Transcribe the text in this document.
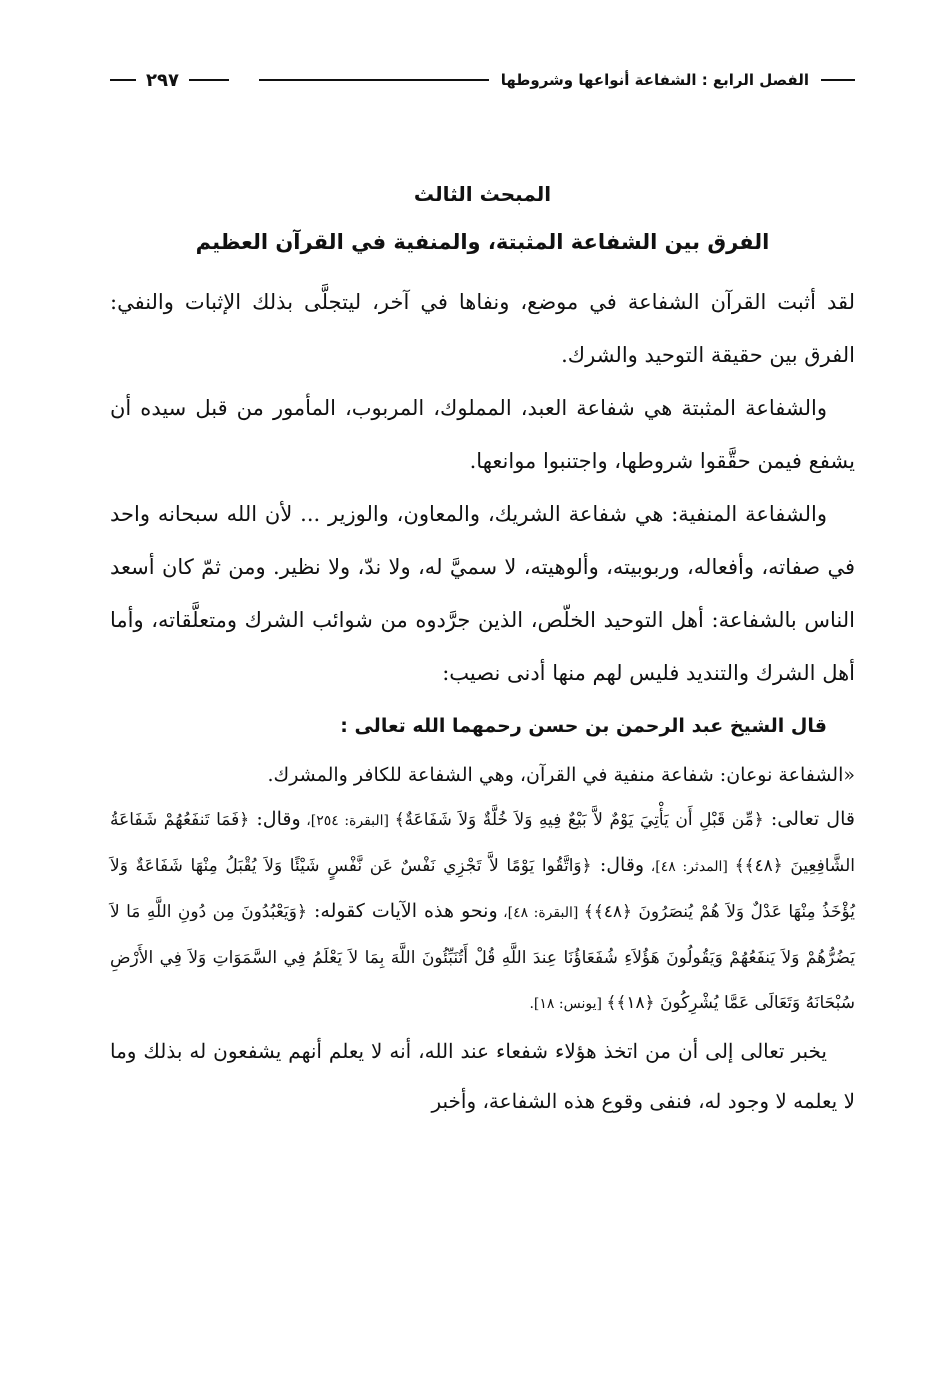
الفصل الرابع : الشفاعة أنواعها وشروطها
٢٩٧
المبحث الثالث
الفرق بين الشفاعة المثبتة، والمنفية في القرآن العظيم

لقد أثبت القرآن الشفاعة في موضع، ونفاها في آخر، ليتجلَّى بذلك الإثبات والنفي: الفرق بين حقيقة التوحيد والشرك.

والشفاعة المثبتة هي شفاعة العبد، المملوك، المربوب، المأمور من قبل سيده أن يشفع فيمن حقَّقوا شروطها، واجتنبوا موانعها.

والشفاعة المنفية: هي شفاعة الشريك، والمعاون، والوزير ... لأن الله سبحانه واحد في صفاته، وأفعاله، وربوبيته، وألوهيته، لا سميَّ له، ولا ندّ، ولا نظير. ومن ثمّ كان أسعد الناس بالشفاعة: أهل التوحيد الخلّص، الذين جرَّدوه من شوائب الشرك ومتعلَّقاته، وأما أهل الشرك والتنديد فليس لهم منها أدنى نصيب:

قال الشيخ عبد الرحمن بن حسن رحمهما الله تعالى :

«الشفاعة نوعان: شفاعة منفية في القرآن، وهي الشفاعة للكافر والمشرك.

قال تعالى: ﴿مِّن قَبْلِ أَن يَأْتِيَ يَوْمٌ لاَّ بَيْعٌ فِيهِ وَلاَ خُلَّةٌ وَلاَ شَفَاعَةٌ﴾ [البقرة: ٢٥٤]، وقال: ﴿فَمَا تَنفَعُهُمْ شَفَاعَةُ الشَّافِعِينَ ﴿٤٨﴾﴾ [المدثر: ٤٨]، وقال: ﴿وَاتَّقُوا يَوْمًا لاَّ تَجْزِي نَفْسٌ عَن نَّفْسٍ شَيْئًا وَلاَ يُقْبَلُ مِنْهَا شَفَاعَةٌ وَلاَ يُؤْخَذُ مِنْهَا عَدْلٌ وَلاَ هُمْ يُنصَرُونَ ﴿٤٨﴾﴾ [البقرة: ٤٨]، ونحو هذه الآيات كقوله: ﴿وَيَعْبُدُونَ مِن دُونِ اللَّهِ مَا لاَ يَضُرُّهُمْ وَلاَ يَنفَعُهُمْ وَيَقُولُونَ هَؤُلاَءِ شُفَعَاؤُنَا عِندَ اللَّهِ قُلْ أَتُنَبِّئُونَ اللَّهَ بِمَا لاَ يَعْلَمُ فِي السَّمَوَاتِ وَلاَ فِي الأَرْضِ سُبْحَانَهُ وَتَعَالَى عَمَّا يُشْرِكُونَ ﴿١٨﴾﴾ [يونس: ١٨].

يخبر تعالى إلى أن من اتخذ هؤلاء شفعاء عند الله، أنه لا يعلم أنهم يشفعون له بذلك وما لا يعلمه لا وجود له، فنفى وقوع هذه الشفاعة، وأخبر
